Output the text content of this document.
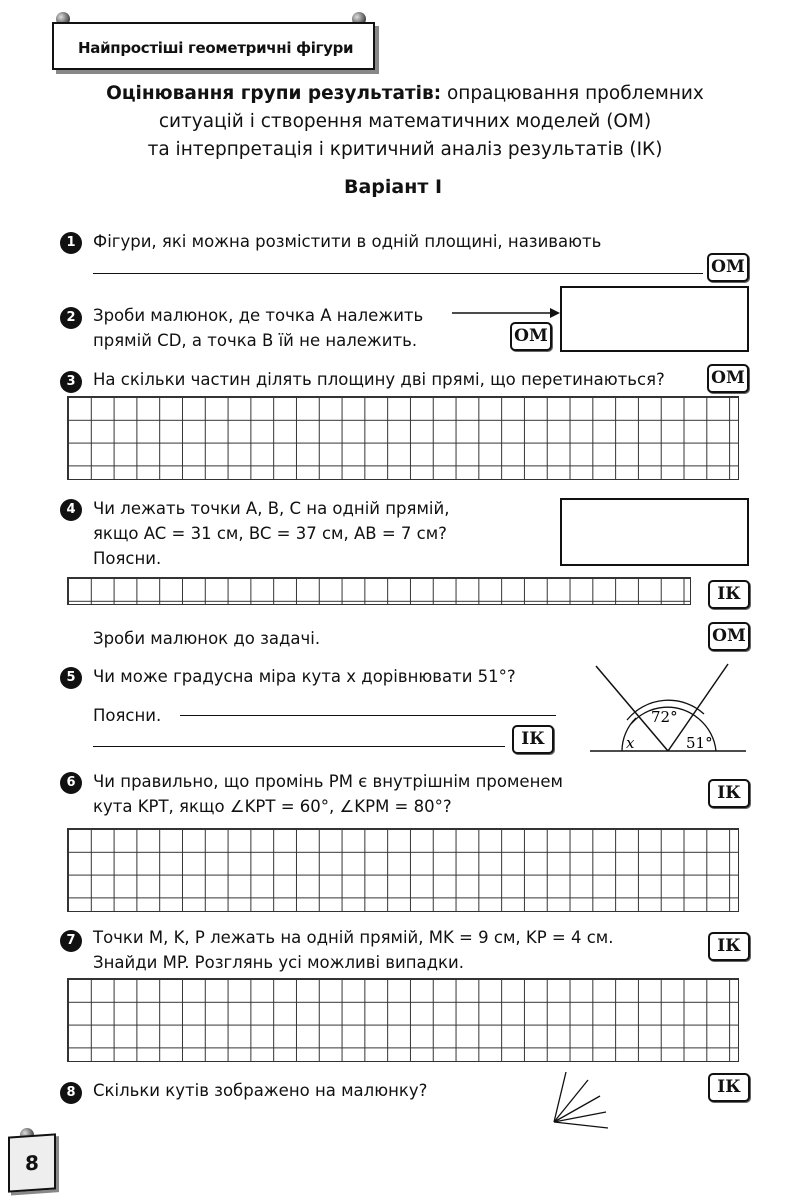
Найпростіші геометричні фігури
Оцінювання групи результатів: опрацювання проблемних
ситуацій і створення математичних моделей (ОМ)
та інтерпретація і критичний аналіз результатів (ІК)
Варіант І
1	Фігури, які можна розмістити в одній площині, називають
ОМ
2	Зроби малюнок, де точка A належить
прямій CD, а точка B їй не належить.	ОМ
3	На скільки частин ділять площину дві прямі, що перетинаються?	ОМ
4	Чи лежать точки A, B, C на одній прямій,
якщо AC = 31 см, BC = 37 см, AB = 7 см?
Поясни.
ІК
Зроби малюнок до задачі.	ОМ
5	Чи може градусна міра кута x дорівнювати 51°?
Поясни.
ІК
72°
51°
x
6	Чи правильно, що промінь PM є внутрішнім променем
кута KPT, якщо ∠KPT = 60°, ∠KPM = 80°?
ІК
7	Точки M, K, P лежать на одній прямій, MK = 9 см, KP = 4 см.
Знайди MP. Розглянь усі можливі випадки.
ІК
8	Скільки кутів зображено на малюнку?	ІК
8
